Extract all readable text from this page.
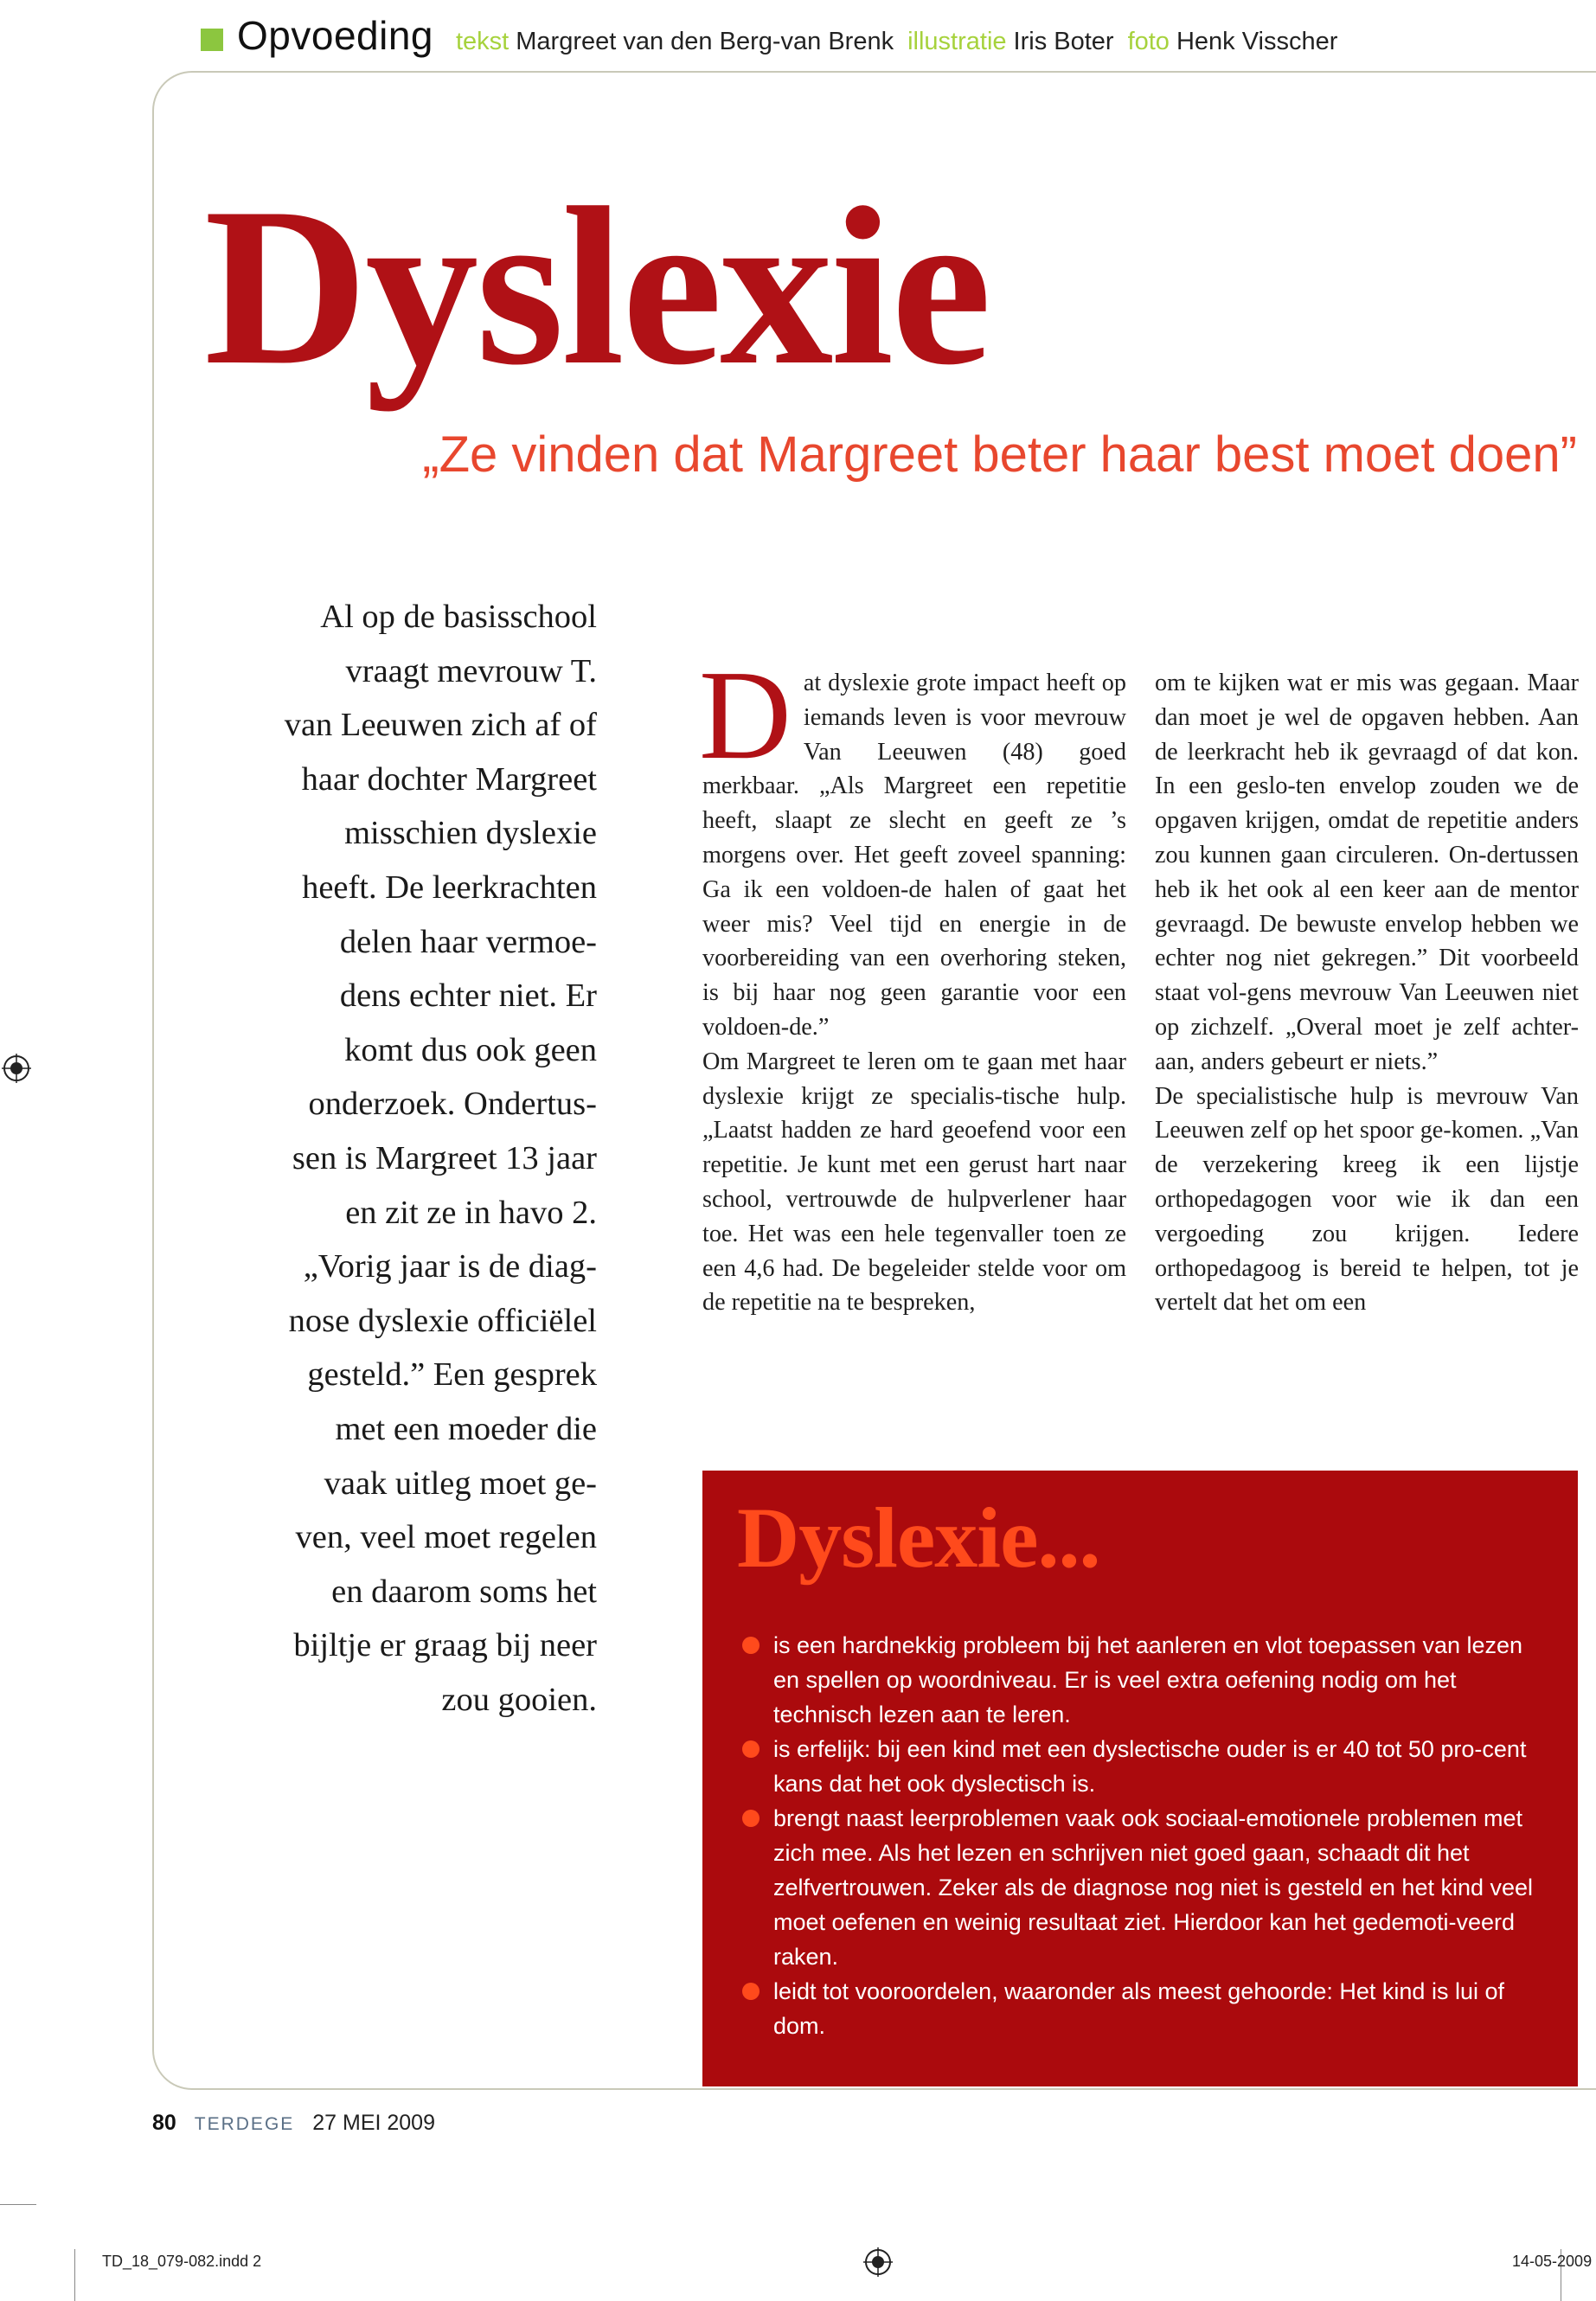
Opvoeding tekst Margreet van den Berg-van Brenk illustratie Iris Boter foto Henk Visscher
Dyslexie
„Ze vinden dat Margreet beter haar best moet doen”
Al op de basisschool
vraagt mevrouw T.
van Leeuwen zich af of
haar dochter Margreet
misschien dyslexie
heeft. De leerkrachten
delen haar vermoe-
dens echter niet. Er
komt dus ook geen
onderzoek. Ondertus-
sen is Margreet 13 jaar
en zit ze in havo 2.
„Vorig jaar is de diag-
nose dyslexie officiëlel
gesteld.” Een gesprek
met een moeder die
vaak uitleg moet ge-
ven, veel moet regelen
en daarom soms het
bijltje er graag bij neer
zou gooien.
D at dyslexie grote impact heeft op iemands leven is voor mevrouw Van Leeuwen (48) goed merkbaar. „Als Margreet een repetitie heeft, slaapt ze slecht en geeft ze ’s morgens over. Het geeft zoveel spanning: Ga ik een voldoen-de halen of gaat het weer mis? Veel tijd en energie in de voorbereiding van een overhoring steken, is bij haar nog geen garantie voor een voldoen-de.”

Om Margreet te leren om te gaan met haar dyslexie krijgt ze specialis-tische hulp. „Laatst hadden ze hard geoefend voor een repetitie. Je kunt met een gerust hart naar school, vertrouwde de hulpverlener haar toe. Het was een hele tegenvaller toen ze een 4,6 had. De begeleider stelde voor om de repetitie na te bespreken,

om te kijken wat er mis was gegaan. Maar dan moet je wel de opgaven hebben. Aan de leerkracht heb ik gevraagd of dat kon. In een geslo-ten envelop zouden we de opgaven krijgen, omdat de repetitie anders zou kunnen gaan circuleren. On-dertussen heb ik het ook al een keer aan de mentor gevraagd. De bewuste envelop hebben we echter nog niet gekregen.” Dit voorbeeld staat vol-gens mevrouw Van Leeuwen niet op zichzelf. „Overal moet je zelf achter-aan, anders gebeurt er niets.”

De specialistische hulp is mevrouw Van Leeuwen zelf op het spoor ge-komen. „Van de verzekering kreeg ik een lijstje orthopedagogen voor wie ik dan een vergoeding zou krijgen. Iedere orthopedagoog is bereid te helpen, tot je vertelt dat het om een

Dyslexie...
is een hardnekkig probleem bij het aanleren en vlot toepassen van lezen en spellen op woordniveau. Er is veel extra oefening nodig om het technisch lezen aan te leren.
is erfelijk: bij een kind met een dyslectische ouder is er 40 tot 50 pro-cent kans dat het ook dyslectisch is.
brengt naast leerproblemen vaak ook sociaal-emotionele problemen met zich mee. Als het lezen en schrijven niet goed gaan, schaadt dit het zelfvertrouwen. Zeker als de diagnose nog niet is gesteld en het kind veel moet oefenen en weinig resultaat ziet. Hierdoor kan het gedemoti-veerd raken.
leidt tot vooroordelen, waaronder als meest gehoorde: Het kind is lui of dom.
80 TERDEGE 27 MEI 2009
TD_18_079-082.indd 2	14-05-2009
